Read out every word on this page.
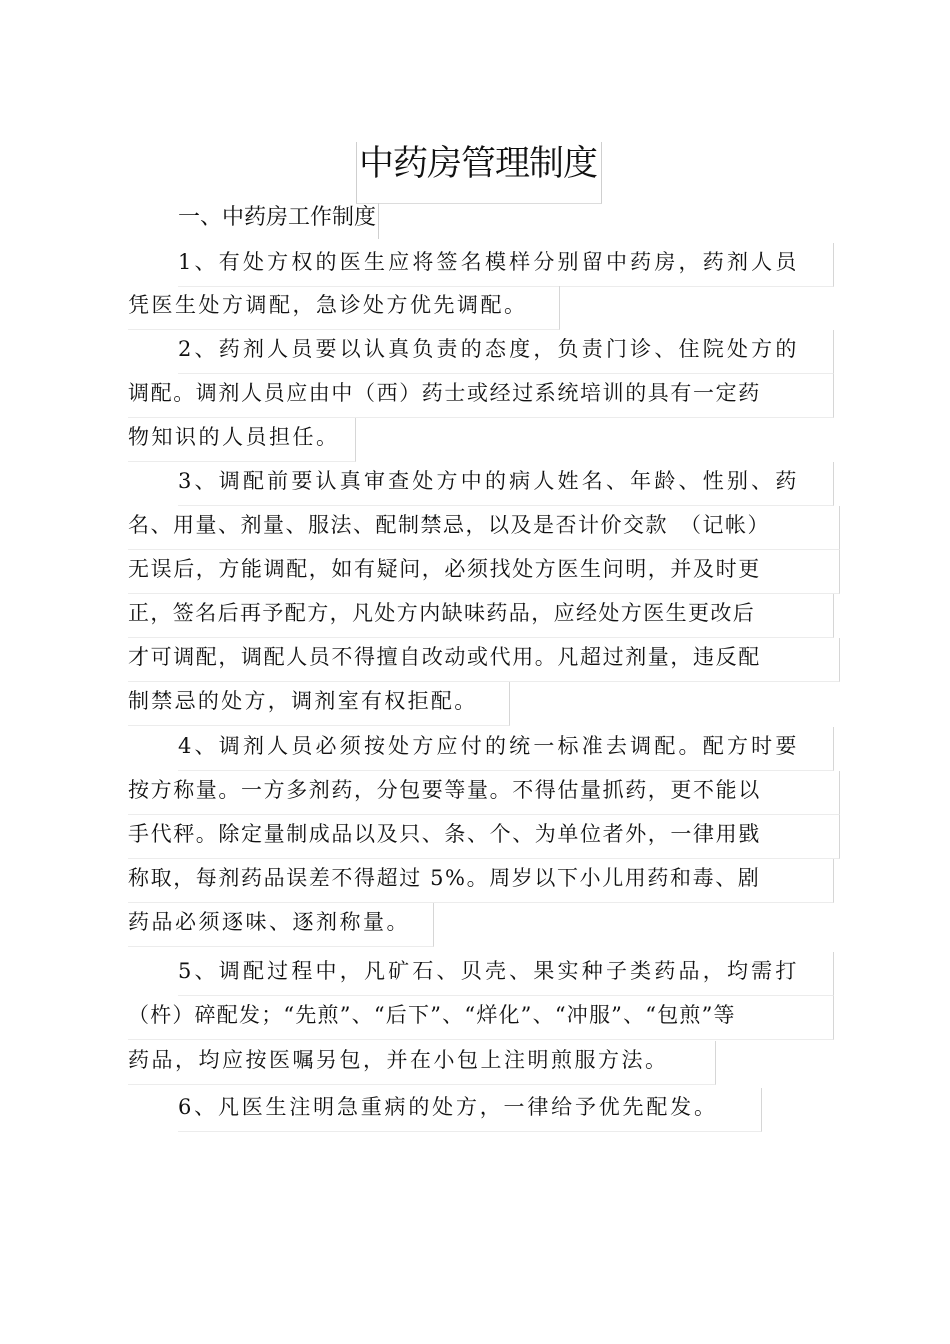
中药房管理制度
一、中药房工作制度
1、有处方权的医生应将签名模样分别留中药房，药剂人员
凭医生处方调配，急诊处方优先调配。
2、药剂人员要以认真负责的态度，负责门诊、住院处方的
调配。调剂人员应由中（西）药士或经过系统培训的具有一定药
物知识的人员担任。
3、调配前要认真审查处方中的病人姓名、年龄、性别、药
名、用量、剂量、服法、配制禁忌，以及是否计价交款　（记帐）
无误后，方能调配，如有疑问，必须找处方医生问明，并及时更
正，签名后再予配方，凡处方内缺味药品，应经处方医生更改后
才可调配，调配人员不得擅自改动或代用。凡超过剂量，违反配
制禁忌的处方，调剂室有权拒配。
4、调剂人员必须按处方应付的统一标准去调配。配方时要
按方称量。一方多剂药，分包要等量。不得估量抓药，更不能以
手代秤。除定量制成品以及只、条、个、为单位者外，一律用戥
称取，每剂药品误差不得超过 5%。周岁以下小儿用药和毒、剧
药品必须逐味、逐剂称量。
5、调配过程中，凡矿石、贝壳、果实种子类药品，均需打
（杵）碎配发；“先煎”、“后下”、“烊化”、“冲服”、“包煎”等
药品，均应按医嘱另包，并在小包上注明煎服方法。
6、凡医生注明急重病的处方，一律给予优先配发。
